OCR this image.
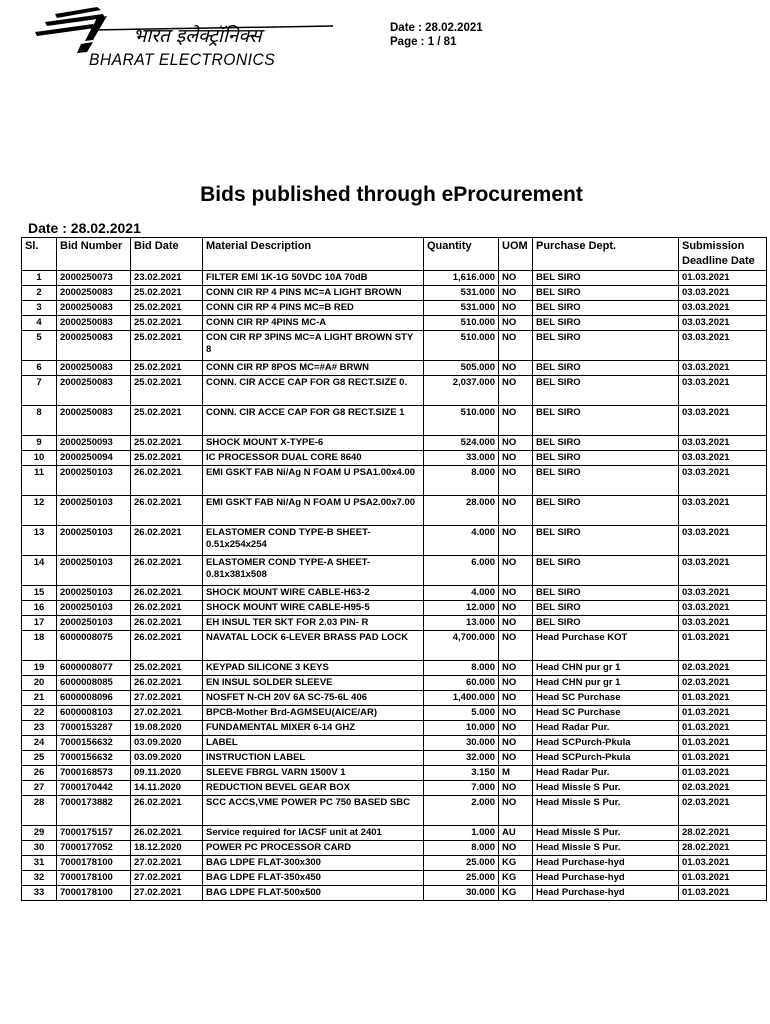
भारत इलेक्ट्रॉनिक्स
BHARAT ELECTRONICS
Date : 28.02.2021
Page : 1 / 81
Bids published through eProcurement
Date : 28.02.2021
Sl.	Bid Number	Bid Date	Material Description	Quantity	UOM	Purchase Dept.	Submission Deadline Date
1	2000250073	23.02.2021	FILTER EMI 1K-1G 50VDC 10A 70dB	1,616.000	NO	BEL SIRO	01.03.2021
2	2000250083	25.02.2021	CONN CIR RP 4 PINS MC=A LIGHT BROWN	531.000	NO	BEL SIRO	03.03.2021
3	2000250083	25.02.2021	CONN CIR RP 4 PINS MC=B RED	531.000	NO	BEL SIRO	03.03.2021
4	2000250083	25.02.2021	CONN CIR RP 4PINS MC-A	510.000	NO	BEL SIRO	03.03.2021
5	2000250083	25.02.2021	CON CIR RP 3PINS MC=A LIGHT BROWN STY 8	510.000	NO	BEL SIRO	03.03.2021
6	2000250083	25.02.2021	CONN CIR RP 8POS MC=#A# BRWN	505.000	NO	BEL SIRO	03.03.2021
7	2000250083	25.02.2021	CONN. CIR ACCE CAP FOR G8 RECT.SIZE 0.	2,037.000	NO	BEL SIRO	03.03.2021
8	2000250083	25.02.2021	CONN. CIR ACCE CAP FOR G8 RECT.SIZE 1	510.000	NO	BEL SIRO	03.03.2021
9	2000250093	25.02.2021	SHOCK MOUNT X-TYPE-6	524.000	NO	BEL SIRO	03.03.2021
10	2000250094	25.02.2021	IC PROCESSOR DUAL CORE 8640	33.000	NO	BEL SIRO	03.03.2021
11	2000250103	26.02.2021	EMI GSKT FAB Ni/Ag N FOAM U PSA1.00x4.00	8.000	NO	BEL SIRO	03.03.2021
12	2000250103	26.02.2021	EMI GSKT FAB Ni/Ag N FOAM U PSA2.00x7.00	28.000	NO	BEL SIRO	03.03.2021
13	2000250103	26.02.2021	ELASTOMER COND TYPE-B SHEET-0.51x254x254	4.000	NO	BEL SIRO	03.03.2021
14	2000250103	26.02.2021	ELASTOMER COND TYPE-A SHEET-0.81x381x508	6.000	NO	BEL SIRO	03.03.2021
15	2000250103	26.02.2021	SHOCK MOUNT WIRE CABLE-H63-2	4.000	NO	BEL SIRO	03.03.2021
16	2000250103	26.02.2021	SHOCK MOUNT WIRE CABLE-H95-5	12.000	NO	BEL SIRO	03.03.2021
17	2000250103	26.02.2021	EH INSUL TER SKT FOR 2.03 PIN- R	13.000	NO	BEL SIRO	03.03.2021
18	6000008075	26.02.2021	NAVATAL LOCK 6-LEVER BRASS PAD LOCK	4,700.000	NO	Head Purchase KOT	01.03.2021
19	6000008077	25.02.2021	KEYPAD SILICONE 3 KEYS	8.000	NO	Head CHN pur gr 1	02.03.2021
20	6000008085	26.02.2021	EN INSUL SOLDER SLEEVE	60.000	NO	Head CHN pur gr 1	02.03.2021
21	6000008096	27.02.2021	NOSFET N-CH 20V 6A SC-75-6L 406	1,400.000	NO	Head SC Purchase	01.03.2021
22	6000008103	27.02.2021	BPCB-Mother Brd-AGMSEU(AICE/AR)	5.000	NO	Head SC Purchase	01.03.2021
23	7000153287	19.08.2020	FUNDAMENTAL MIXER 6-14 GHZ	10.000	NO	Head Radar Pur.	01.03.2021
24	7000156632	03.09.2020	LABEL	30.000	NO	Head SCPurch-Pkula	01.03.2021
25	7000156632	03.09.2020	INSTRUCTION LABEL	32.000	NO	Head SCPurch-Pkula	01.03.2021
26	7000168573	09.11.2020	SLEEVE FBRGL VARN 1500V 1	3.150	M	Head Radar Pur.	01.03.2021
27	7000170442	14.11.2020	REDUCTION BEVEL GEAR BOX	7.000	NO	Head Missle S Pur.	02.03.2021
28	7000173882	26.02.2021	SCC ACCS,VME POWER PC 750 BASED SBC	2.000	NO	Head Missle S Pur.	02.03.2021
29	7000175157	26.02.2021	Service required for IACSF unit at 2401	1.000	AU	Head Missle S Pur.	28.02.2021
30	7000177052	18.12.2020	POWER PC PROCESSOR CARD	8.000	NO	Head Missle S Pur.	28.02.2021
31	7000178100	27.02.2021	BAG LDPE FLAT-300x300	25.000	KG	Head Purchase-hyd	01.03.2021
32	7000178100	27.02.2021	BAG LDPE FLAT-350x450	25.000	KG	Head Purchase-hyd	01.03.2021
33	7000178100	27.02.2021	BAG LDPE FLAT-500x500	30.000	KG	Head Purchase-hyd	01.03.2021
